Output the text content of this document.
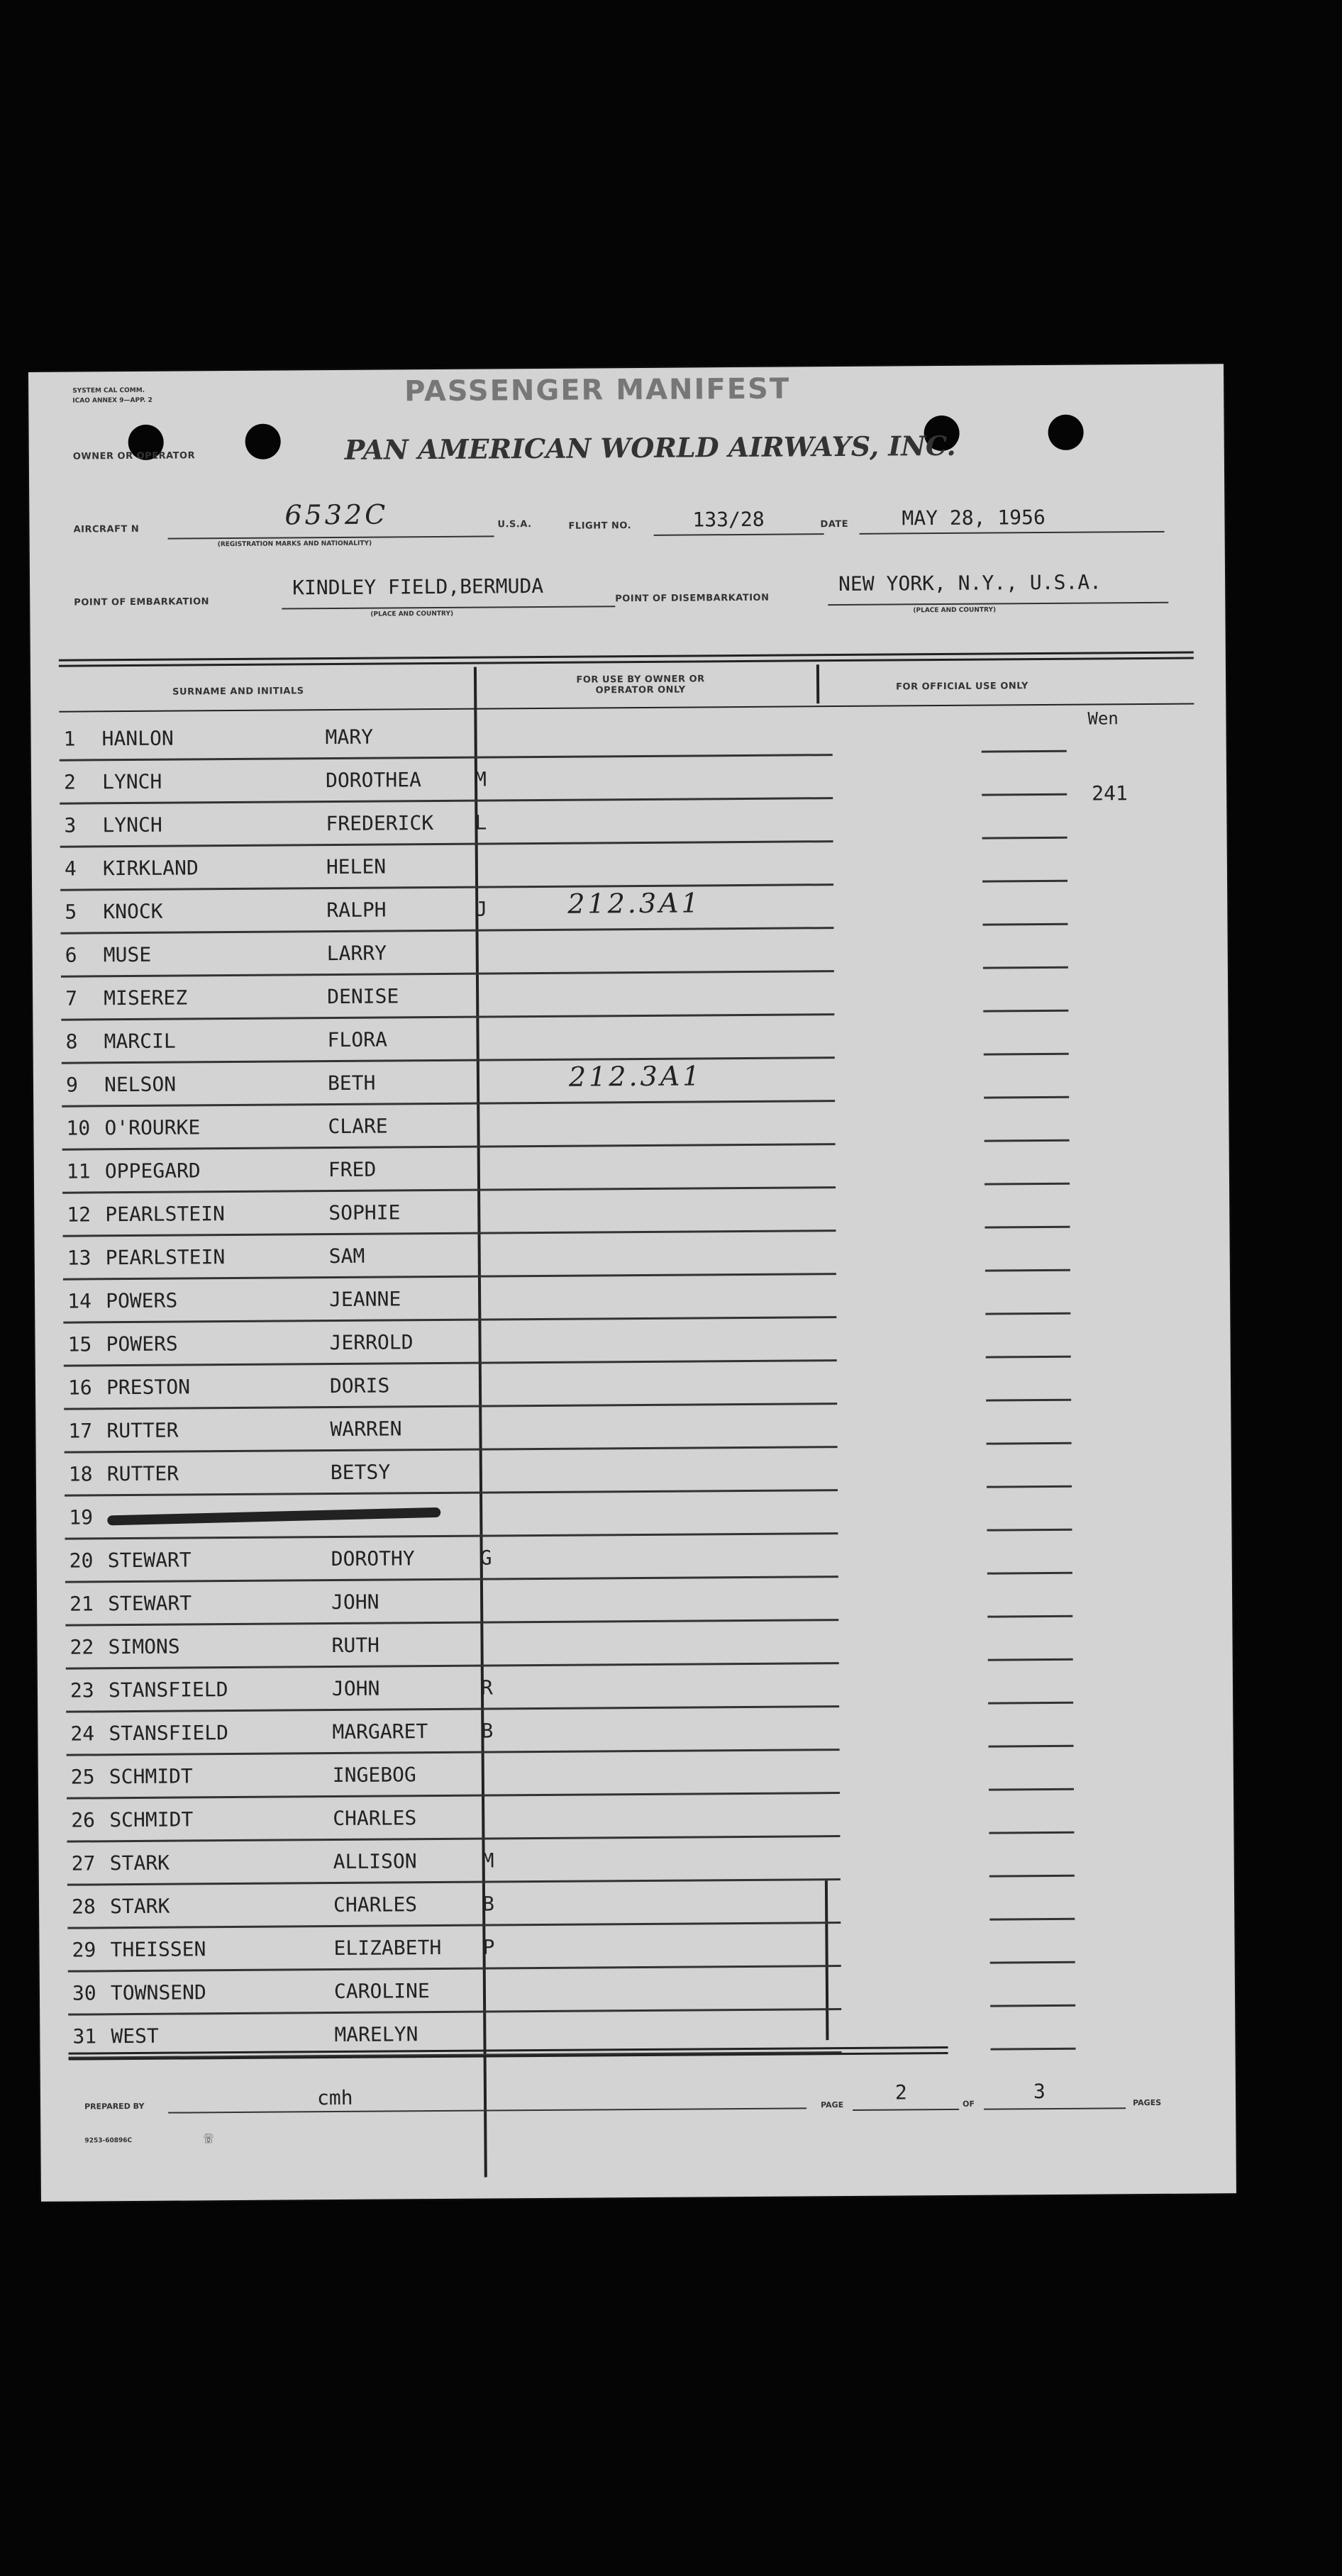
SYSTEM CAL COMM.
ICAO ANNEX 9—APP. 2	PASSENGER MANIFEST
OWNER OR OPERATOR	PAN AMERICAN WORLD AIRWAYS, INC.
AIRCRAFT N	6532C
(REGISTRATION MARKS AND NATIONALITY)
U.S.A.	FLIGHT NO.	133/28	DATE	MAY 28, 1956
POINT OF EMBARKATION
KINDLEY FIELD,BERMUDA
(PLACE AND COUNTRY)
POINT OF DISEMBARKATION
NEW YORK, N.Y., U.S.A.
(PLACE AND COUNTRY)
SURNAME AND INITIALS
FOR USE BY OWNER OR OPERATOR ONLY	FOR OFFICIAL USE ONLY
Wen
241
1 HANLON	MARY
2 LYNCH	DOROTHEA	M
3 LYNCH	FREDERICK L
4 KIRKLAND	HELEN
5 KNOCK	RALPH	J	212.3A1
6 MUSE	LARRY
7 MISEREZ	DENISE
8 MARCIL	FLORA
9 NELSON	BETH	212.3A1
10 O'ROURKE	CLARE
11 OPPEGARD	FRED
12 PEARLSTEIN	SOPHIE
13 PEARLSTEIN	SAM
14 POWERS	JEANNE
15 POWERS	JERROLD
16 PRESTON	DORIS
17 RUTTER	WARREN
18 RUTTER	BETSY
19
20 STEWART	DOROTHY	G
21 STEWART	JOHN
22 SIMONS	RUTH
23 STANSFIELD	JOHN	R
24 STANSFIELD	MARGARET	B
25 SCHMIDT	INGEBOG
26 SCHMIDT	CHARLES
27 STARK	ALLISON	M
28 STARK	CHARLES	B
29 THEISSEN	ELIZABETH P
30 TOWNSEND	CAROLINE
31 WEST	MARELYN
PREPARED BY	cmh	PAGE
2	OF
3	PAGES
9253-60896C	☏
